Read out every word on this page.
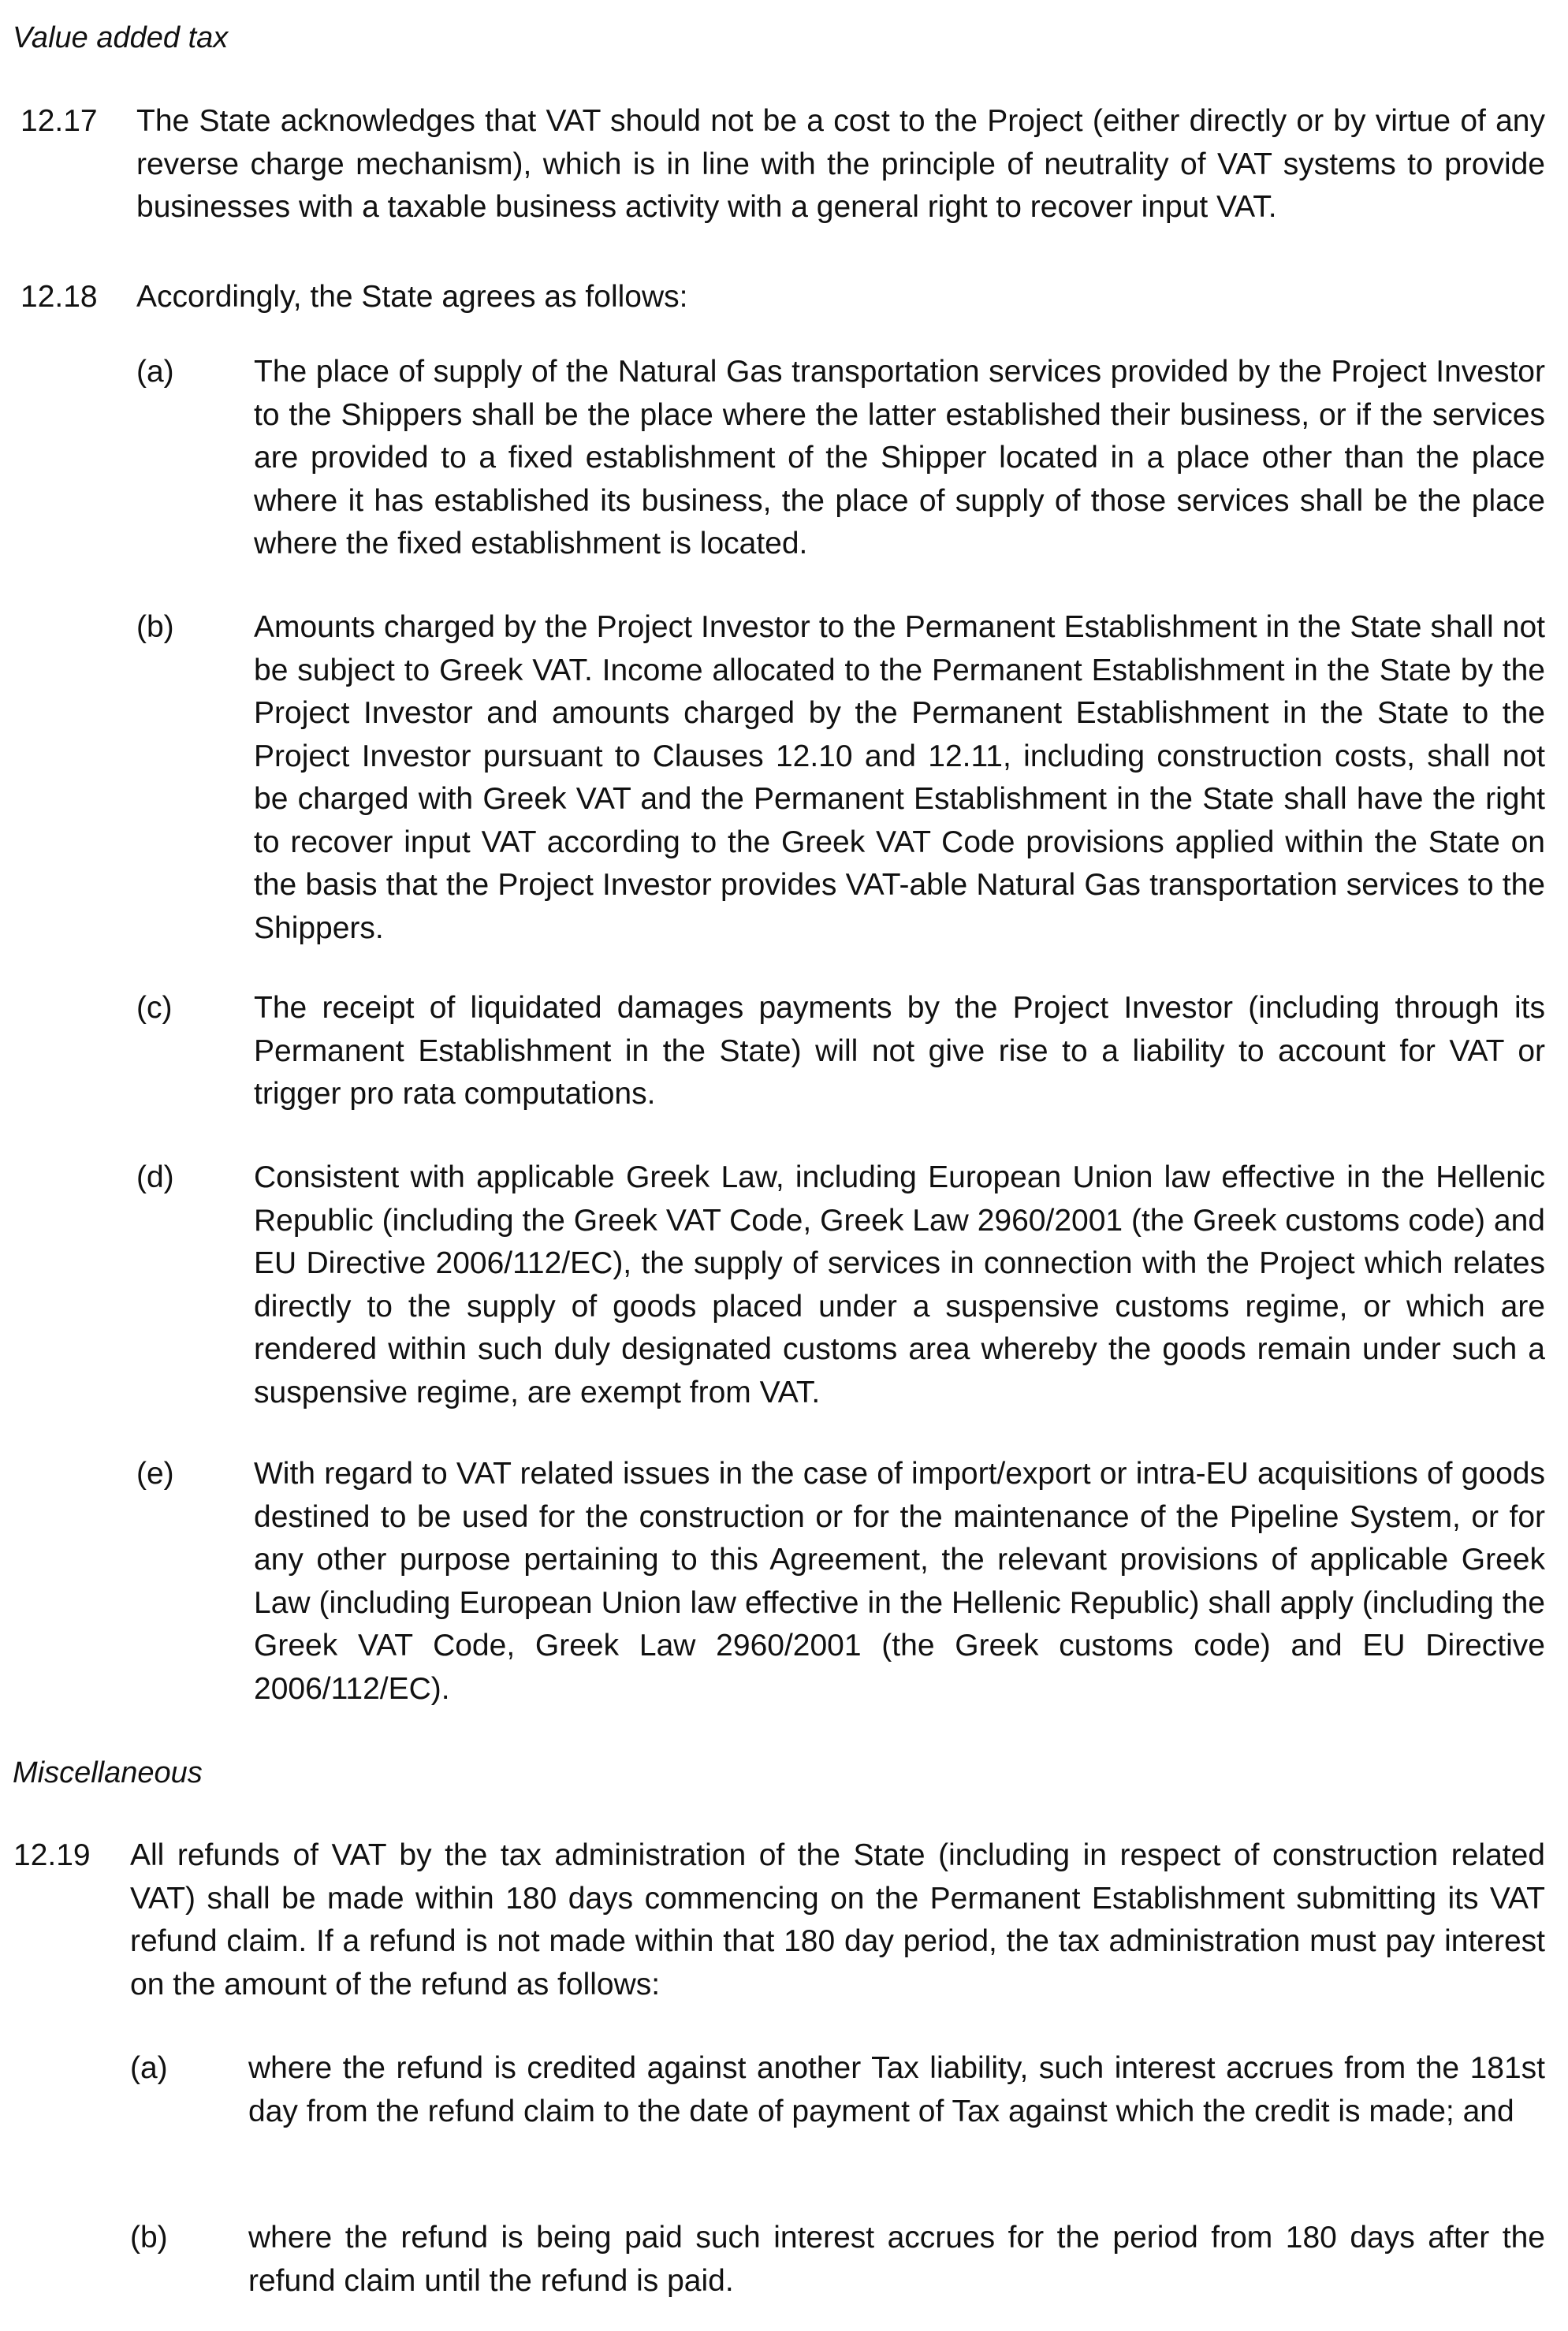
Value added tax
12.17 The State acknowledges that VAT should not be a cost to the Project (either directly or by virtue of any reverse charge mechanism), which is in line with the principle of neutrality of VAT systems to provide businesses with a taxable business activity with a general right to recover input VAT.
12.18 Accordingly, the State agrees as follows:
(a)	The place of supply of the Natural Gas transportation services provided by the Project Investor to the Shippers shall be the place where the latter established their business, or if the services are provided to a fixed establishment of the Shipper located in a place other than the place where it has established its business, the place of supply of those services shall be the place where the fixed establishment is located.
(b)	Amounts charged by the Project Investor to the Permanent Establishment in the State shall not be subject to Greek VAT. Income allocated to the Permanent Establishment in the State by the Project Investor and amounts charged by the Permanent Establishment in the State to the Project Investor pursuant to Clauses 12.10 and 12.11, including construction costs, shall not be charged with Greek VAT and the Permanent Establishment in the State shall have the right to recover input VAT according to the Greek VAT Code provisions applied within the State on the basis that the Project Investor provides VAT-able Natural Gas transportation services to the Shippers.
(c)	The receipt of liquidated damages payments by the Project Investor (including through its Permanent Establishment in the State) will not give rise to a liability to account for VAT or trigger pro rata computations.
(d)	Consistent with applicable Greek Law, including European Union law effective in the Hellenic Republic (including the Greek VAT Code, Greek Law 2960/2001 (the Greek customs code) and EU Directive 2006/112/EC), the supply of services in connection with the Project which relates directly to the supply of goods placed under a suspensive customs regime, or which are rendered within such duly designated customs area whereby the goods remain under such a suspensive regime, are exempt from VAT.
(e)	With regard to VAT related issues in the case of import/export or intra-EU acquisitions of goods destined to be used for the construction or for the maintenance of the Pipeline System, or for any other purpose pertaining to this Agreement, the relevant provisions of applicable Greek Law (including European Union law effective in the Hellenic Republic) shall apply (including the Greek VAT Code, Greek Law 2960/2001 (the Greek customs code) and EU Directive 2006/112/EC).
Miscellaneous
12.19 All refunds of VAT by the tax administration of the State (including in respect of construction related VAT) shall be made within 180 days commencing on the Permanent Establishment submitting its VAT refund claim. If a refund is not made within that 180 day period, the tax administration must pay interest on the amount of the refund as follows:
(a)	where the refund is credited against another Tax liability, such interest accrues from the 181st day from the refund claim to the date of payment of Tax against which the credit is made; and
(b)	where the refund is being paid such interest accrues for the period from 180 days after the refund claim until the refund is paid.
